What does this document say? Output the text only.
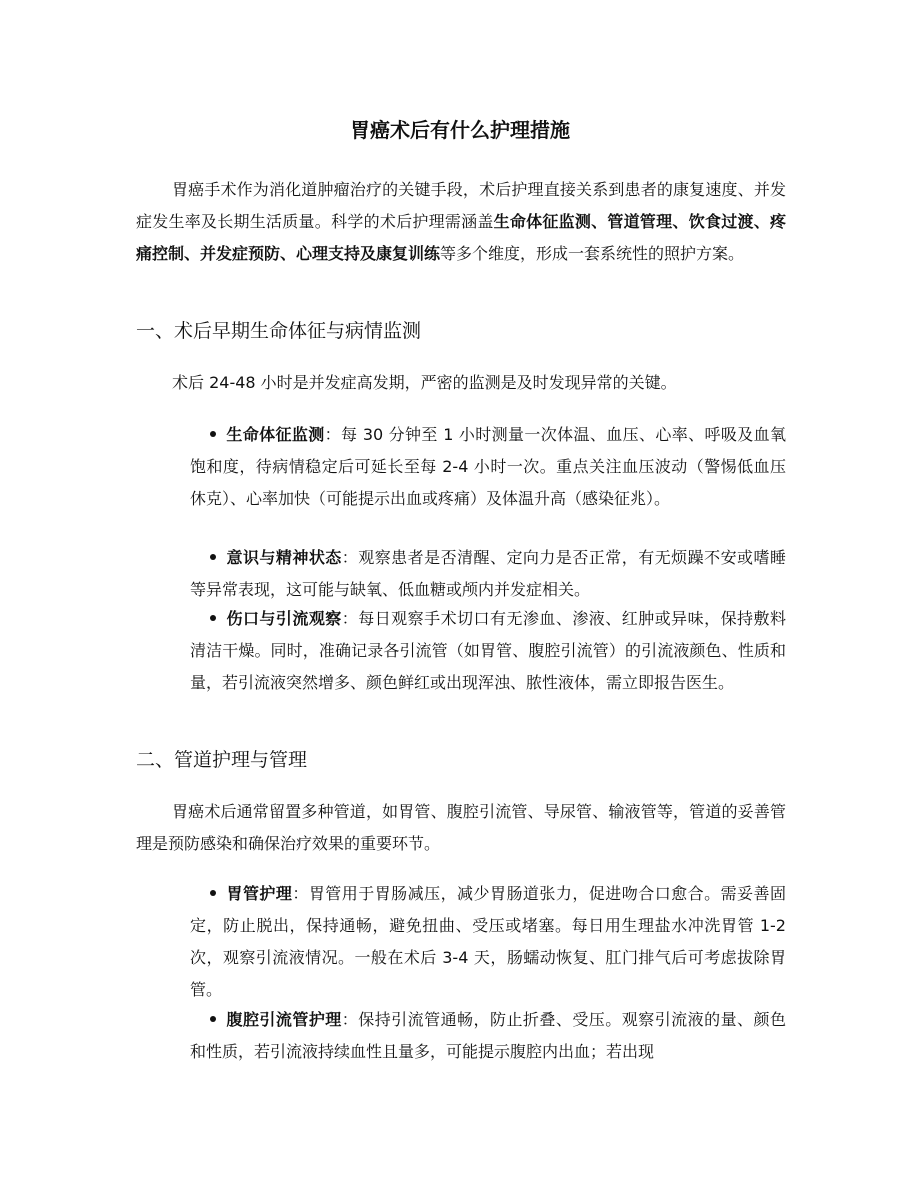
胃癌术后有什么护理措施
胃癌手术作为消化道肿瘤治疗的关键手段，术后护理直接关系到患者的康复速度、并发症发生率及长期生活质量。科学的术后护理需涵盖生命体征监测、管道管理、饮食过渡、疼痛控制、并发症预防、心理支持及康复训练等多个维度，形成一套系统性的照护方案。
一、术后早期生命体征与病情监测
术后 24-48 小时是并发症高发期，严密的监测是及时发现异常的关键。
生命体征监测：每 30 分钟至 1 小时测量一次体温、血压、心率、呼吸及血氧饱和度，待病情稳定后可延长至每 2-4 小时一次。重点关注血压波动（警惕低血压休克）、心率加快（可能提示出血或疼痛）及体温升高（感染征兆）。
意识与精神状态：观察患者是否清醒、定向力是否正常，有无烦躁不安或嗜睡等异常表现，这可能与缺氧、低血糖或颅内并发症相关。
伤口与引流观察：每日观察手术切口有无渗血、渗液、红肿或异味，保持敷料清洁干燥。同时，准确记录各引流管（如胃管、腹腔引流管）的引流液颜色、性质和量，若引流液突然增多、颜色鲜红或出现浑浊、脓性液体，需立即报告医生。
二、管道护理与管理
胃癌术后通常留置多种管道，如胃管、腹腔引流管、导尿管、输液管等，管道的妥善管理是预防感染和确保治疗效果的重要环节。
胃管护理：胃管用于胃肠减压，减少胃肠道张力，促进吻合口愈合。需妥善固定，防止脱出，保持通畅，避免扭曲、受压或堵塞。每日用生理盐水冲洗胃管 1-2 次，观察引流液情况。一般在术后 3-4 天，肠蠕动恢复、肛门排气后可考虑拔除胃管。
腹腔引流管护理：保持引流管通畅，防止折叠、受压。观察引流液的量、颜色和性质，若引流液持续血性且量多，可能提示腹腔内出血；若出现
